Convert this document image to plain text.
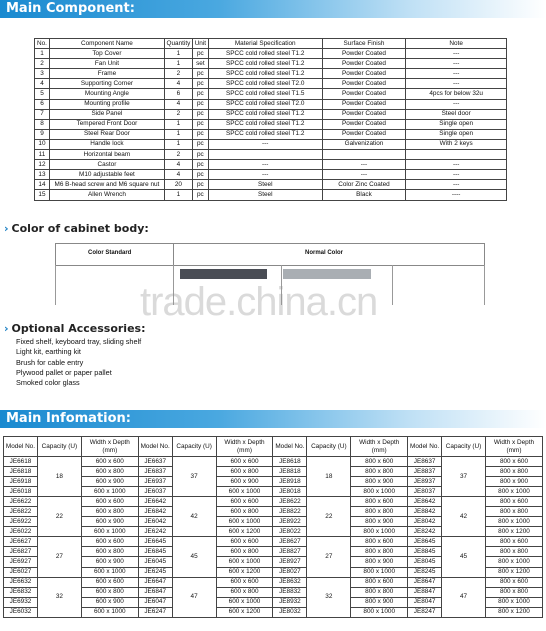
Main Component:
No.	Component Name	Quantity	Unit	Material Specification	Surface Finish	Note
1	Top Cover	1	pc	SPCC cold rolled steel T1.2	Powder Coated	---
2	Fan Unit	1	set	SPCC cold rolled steel T1.2	Powder Coated	---
3	Frame	2	pc	SPCC cold rolled steel T1.2	Powder Coated	---
4	Supporting Corner	4	pc	SPCC cold rolled steel T2.0	Powder Coated	---
5	Mounting Angle	6	pc	SPCC cold rolled steel T1.5	Powder Coated	4pcs for below 32u
6	Mounting profile	4	pc	SPCC cold rolled steel T2.0	Powder Coated	---
7	Side Panel	2	pc	SPCC cold rolled steel T1.2	Powder Coated	Steel door
8	Tempered Front Door	1	pc	SPCC cold rolled steel T1.2	Powder Coated	Single open
9	Steel Rear Door	1	pc	SPCC cold rolled steel T1.2	Powder Coated	Single open
10	Handle lock	1	pc	---	Galvenization	With 2 keys
11	Horizontal beam	2	pc			
12	Castor	4	pc	---	---	---
13	M10 adjustable feet	4	pc	---	---	---
14	M6 B-head screw and M6 square nut	20	pc	Steel	Color Zinc Coated	---
15	Allen Wrench	1	pc	Steel	Black	----
› Color of cabinet body:
Color Standard	Normal Color
trade.china.cn
› Optional Accessories:
Fixed shelf, keyboard tray, sliding shelf
Light kit, earthing kit
Brush for cable entry
Plywood pallet or paper pallet
Smoked color glass
Main Infomation:
Model No.	Capacity (U)	Width x Depth (mm)	Model No.	Capacity (U)	Width x Depth (mm)	Model No.	Capacity (U)	Width x Depth (mm)	Model No.	Capacity (U)	Width x Depth (mm)
JE6618	18	600 x 600	JE6637	37	600 x 600	JE8618	18	800 x 600	JE8637	37	800 x 600
JE6818		600 x 800	JE6837		600 x 800	JE8818		800 x 800	JE8837		800 x 800
JE6918		600 x 900	JE6937		600 x 900	JE8918		800 x 900	JE8937		800 x 900
JE6018		600 x 1000	JE6037		600 x 1000	JE8018		800 x 1000	JE8037		800 x 1000
JE6622	22	600 x 600	JE6642	42	600 x 600	JE8622	22	800 x 600	JE8642	42	800 x 600
JE6822		600 x 800	JE6842		600 x 800	JE8822		800 x 800	JE8842		800 x 800
JE6922		600 x 900	JE6042		600 x 1000	JE8922		800 x 900	JE8042		800 x 1000
JE6022		600 x 1000	JE6242		600 x 1200	JE8022		800 x 1000	JE8242		800 x 1200
JE6627	27	600 x 600	JE6645	45	600 x 600	JE8627	27	800 x 600	JE8645	45	800 x 600
JE6827		600 x 800	JE6845		600 x 800	JE8827		800 x 800	JE8845		800 x 800
JE6927		600 x 900	JE6045		600 x 1000	JE8927		800 x 900	JE8045		800 x 1000
JE6027		600 x 1000	JE6245		600 x 1200	JE8027		800 x 1000	JE8245		800 x 1200
JE6632	32	600 x 600	JE6647	47	600 x 600	JE8632	32	800 x 600	JE8647	47	800 x 600
JE6832		600 x 800	JE6847		600 x 800	JE8832		800 x 800	JE8847		800 x 800
JE6932		600 x 900	JE6047		600 x 1000	JE8932		800 x 900	JE8047		800 x 1000
JE6032		600 x 1000	JE6247		600 x 1200	JE8032		800 x 1000	JE8247		800 x 1200
